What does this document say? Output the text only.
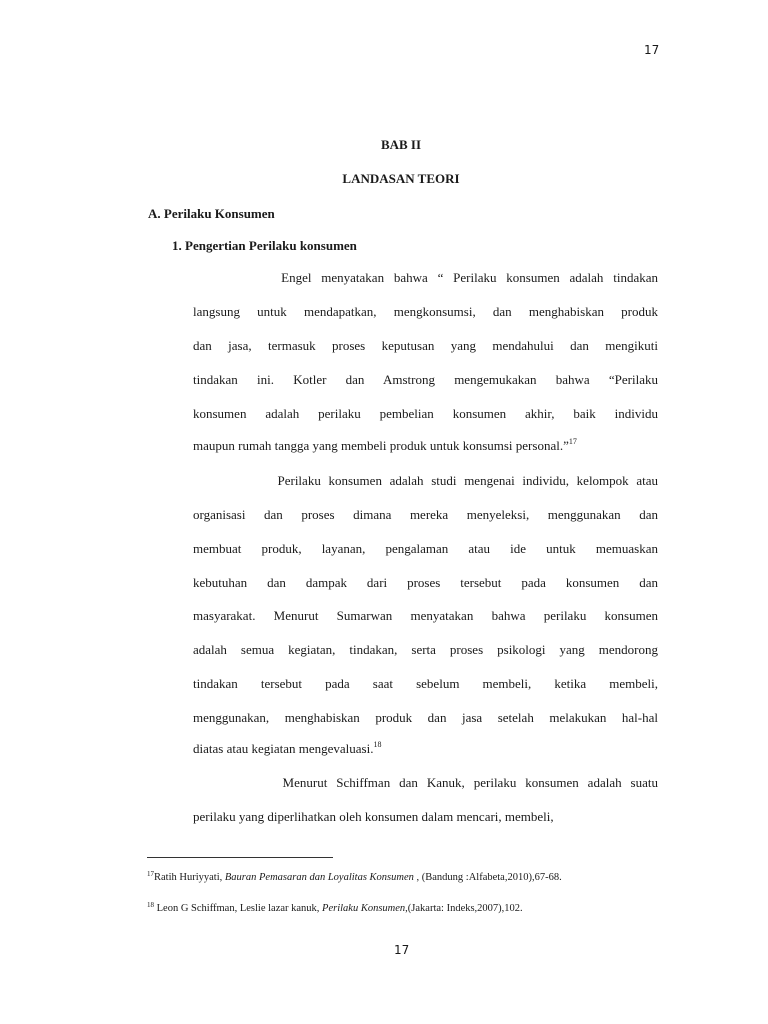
17
BAB II
LANDASAN TEORI
A. Perilaku Konsumen
1. Pengertian Perilaku konsumen
Engel menyatakan bahwa “ Perilaku konsumen adalah tindakan
langsung untuk mendapatkan, mengkonsumsi, dan menghabiskan produk
dan jasa, termasuk proses keputusan yang mendahului dan mengikuti
tindakan ini. Kotler dan Amstrong mengemukakan bahwa “Perilaku
konsumen adalah perilaku pembelian konsumen akhir, baik individu
maupun rumah tangga yang membeli produk untuk konsumsi personal.”$^{17}$
Perilaku konsumen adalah studi mengenai individu, kelompok atau
organisasi dan proses dimana mereka menyeleksi, menggunakan dan
membuat produk, layanan, pengalaman atau ide untuk memuaskan
kebutuhan dan dampak dari proses tersebut pada konsumen dan
masyarakat. Menurut Sumarwan menyatakan bahwa perilaku konsumen
adalah semua kegiatan, tindakan, serta proses psikologi yang mendorong
tindakan tersebut pada saat sebelum membeli, ketika membeli,
menggunakan, menghabiskan produk dan jasa setelah melakukan hal-hal
diatas atau kegiatan mengevaluasi.$^{18}$
Menurut Schiffman dan Kanuk, perilaku konsumen adalah suatu
perilaku yang diperlihatkan oleh konsumen dalam mencari, membeli,
$^{17}$Ratih Huriyyati, Bauran Pemasaran dan Loyalitas Konsumen , (Bandung :Alfabeta,2010),67-68.
$^{18}$ Leon G Schiffman, Leslie lazar kanuk, Perilaku Konsumen,(Jakarta: Indeks,2007),102.
17
